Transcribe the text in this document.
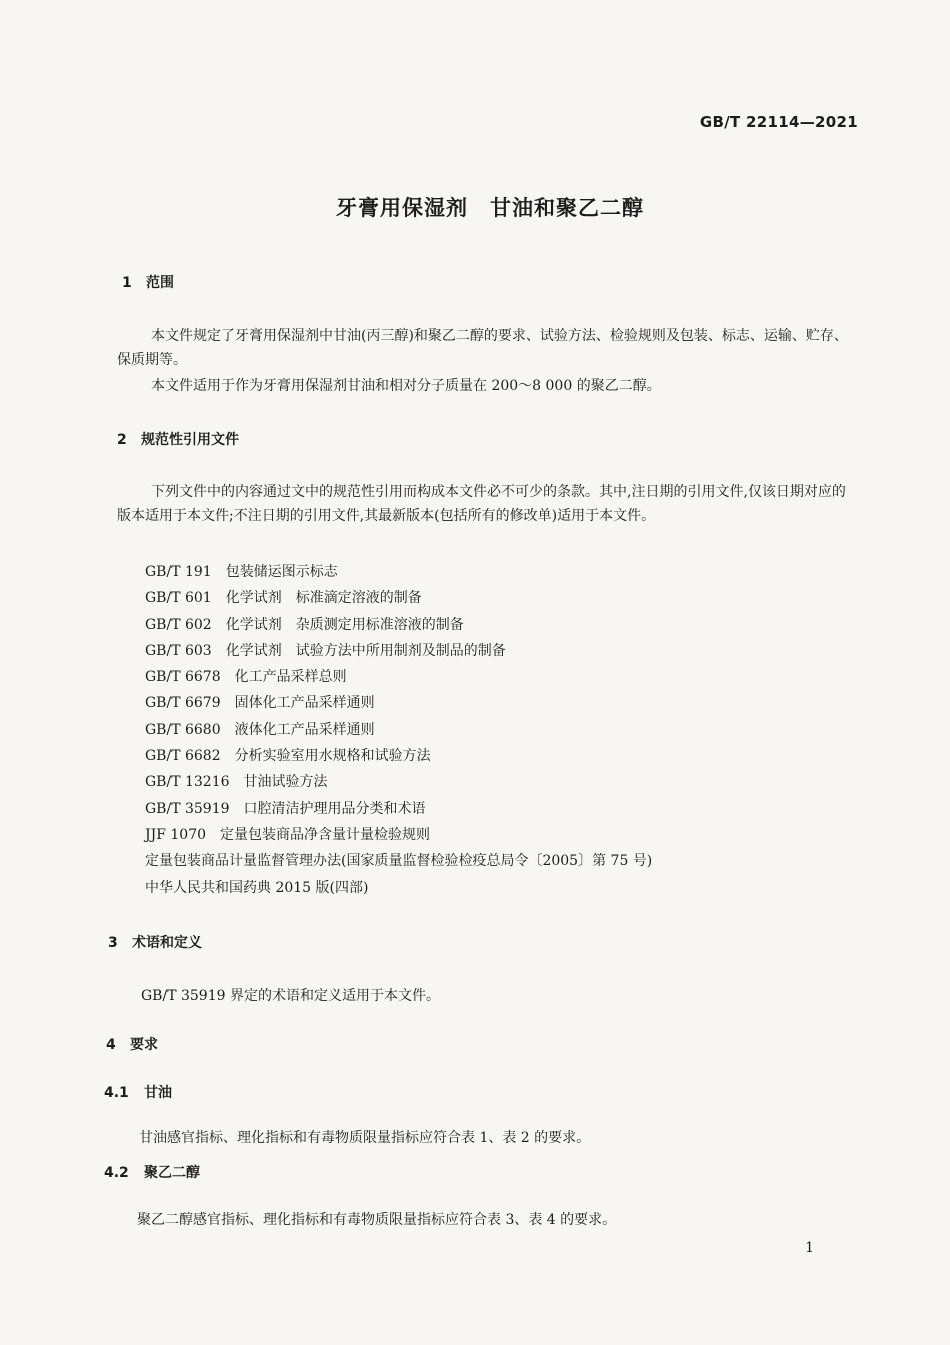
GB/T 22114—2021
牙膏用保湿剂　甘油和聚乙二醇
1 范围
本文件规定了牙膏用保湿剂中甘油(丙三醇)和聚乙二醇的要求、试验方法、检验规则及包装、标志、运输、贮存、保质期等。
本文件适用于作为牙膏用保湿剂甘油和相对分子质量在 200～8 000 的聚乙二醇。
2 规范性引用文件
下列文件中的内容通过文中的规范性引用而构成本文件必不可少的条款。其中,注日期的引用文件,仅该日期对应的版本适用于本文件;不注日期的引用文件,其最新版本(包括所有的修改单)适用于本文件。
GB/T 191 包装储运图示标志
GB/T 601 化学试剂　标准滴定溶液的制备
GB/T 602 化学试剂　杂质测定用标准溶液的制备
GB/T 603 化学试剂　试验方法中所用制剂及制品的制备
GB/T 6678 化工产品采样总则
GB/T 6679 固体化工产品采样通则
GB/T 6680 液体化工产品采样通则
GB/T 6682 分析实验室用水规格和试验方法
GB/T 13216 甘油试验方法
GB/T 35919 口腔清洁护理用品分类和术语
JJF 1070 定量包装商品净含量计量检验规则
定量包装商品计量监督管理办法(国家质量监督检验检疫总局令〔2005〕第 75 号)
中华人民共和国药典 2015 版(四部)
3 术语和定义
GB/T 35919 界定的术语和定义适用于本文件。
4 要求
4.1 甘油
甘油感官指标、理化指标和有毒物质限量指标应符合表 1、表 2 的要求。
4.2 聚乙二醇
聚乙二醇感官指标、理化指标和有毒物质限量指标应符合表 3、表 4 的要求。
1
